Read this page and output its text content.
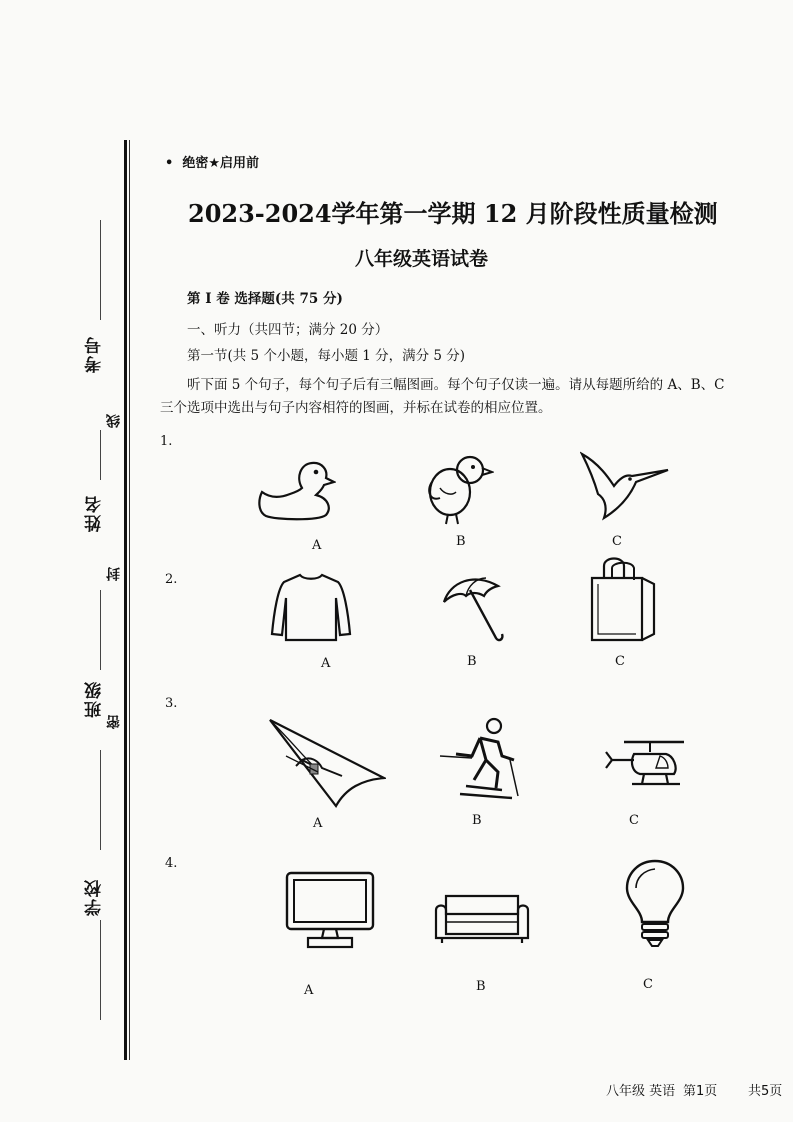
考号
线
姓名
封
班级
密
学校
• 绝密★启用前
2023-2024学年第一学期 12 月阶段性质量检测
八年级英语试卷
第 I 卷 选择题(共 75 分)
一、听力（共四节；满分 20 分）
第一节(共 5 个小题，每小题 1 分，满分 5 分)
听下面 5 个句子，每个句子后有三幅图画。每个句子仅读一遍。请从每题所给的 A、B、C
三个选项中选出与句子内容相符的图画，并标在试卷的相应位置。
1.
A	B	C
2.
A	B	C
3.
A	B	C
4.
A	B	C
八年级 英语 第1页 共5页
